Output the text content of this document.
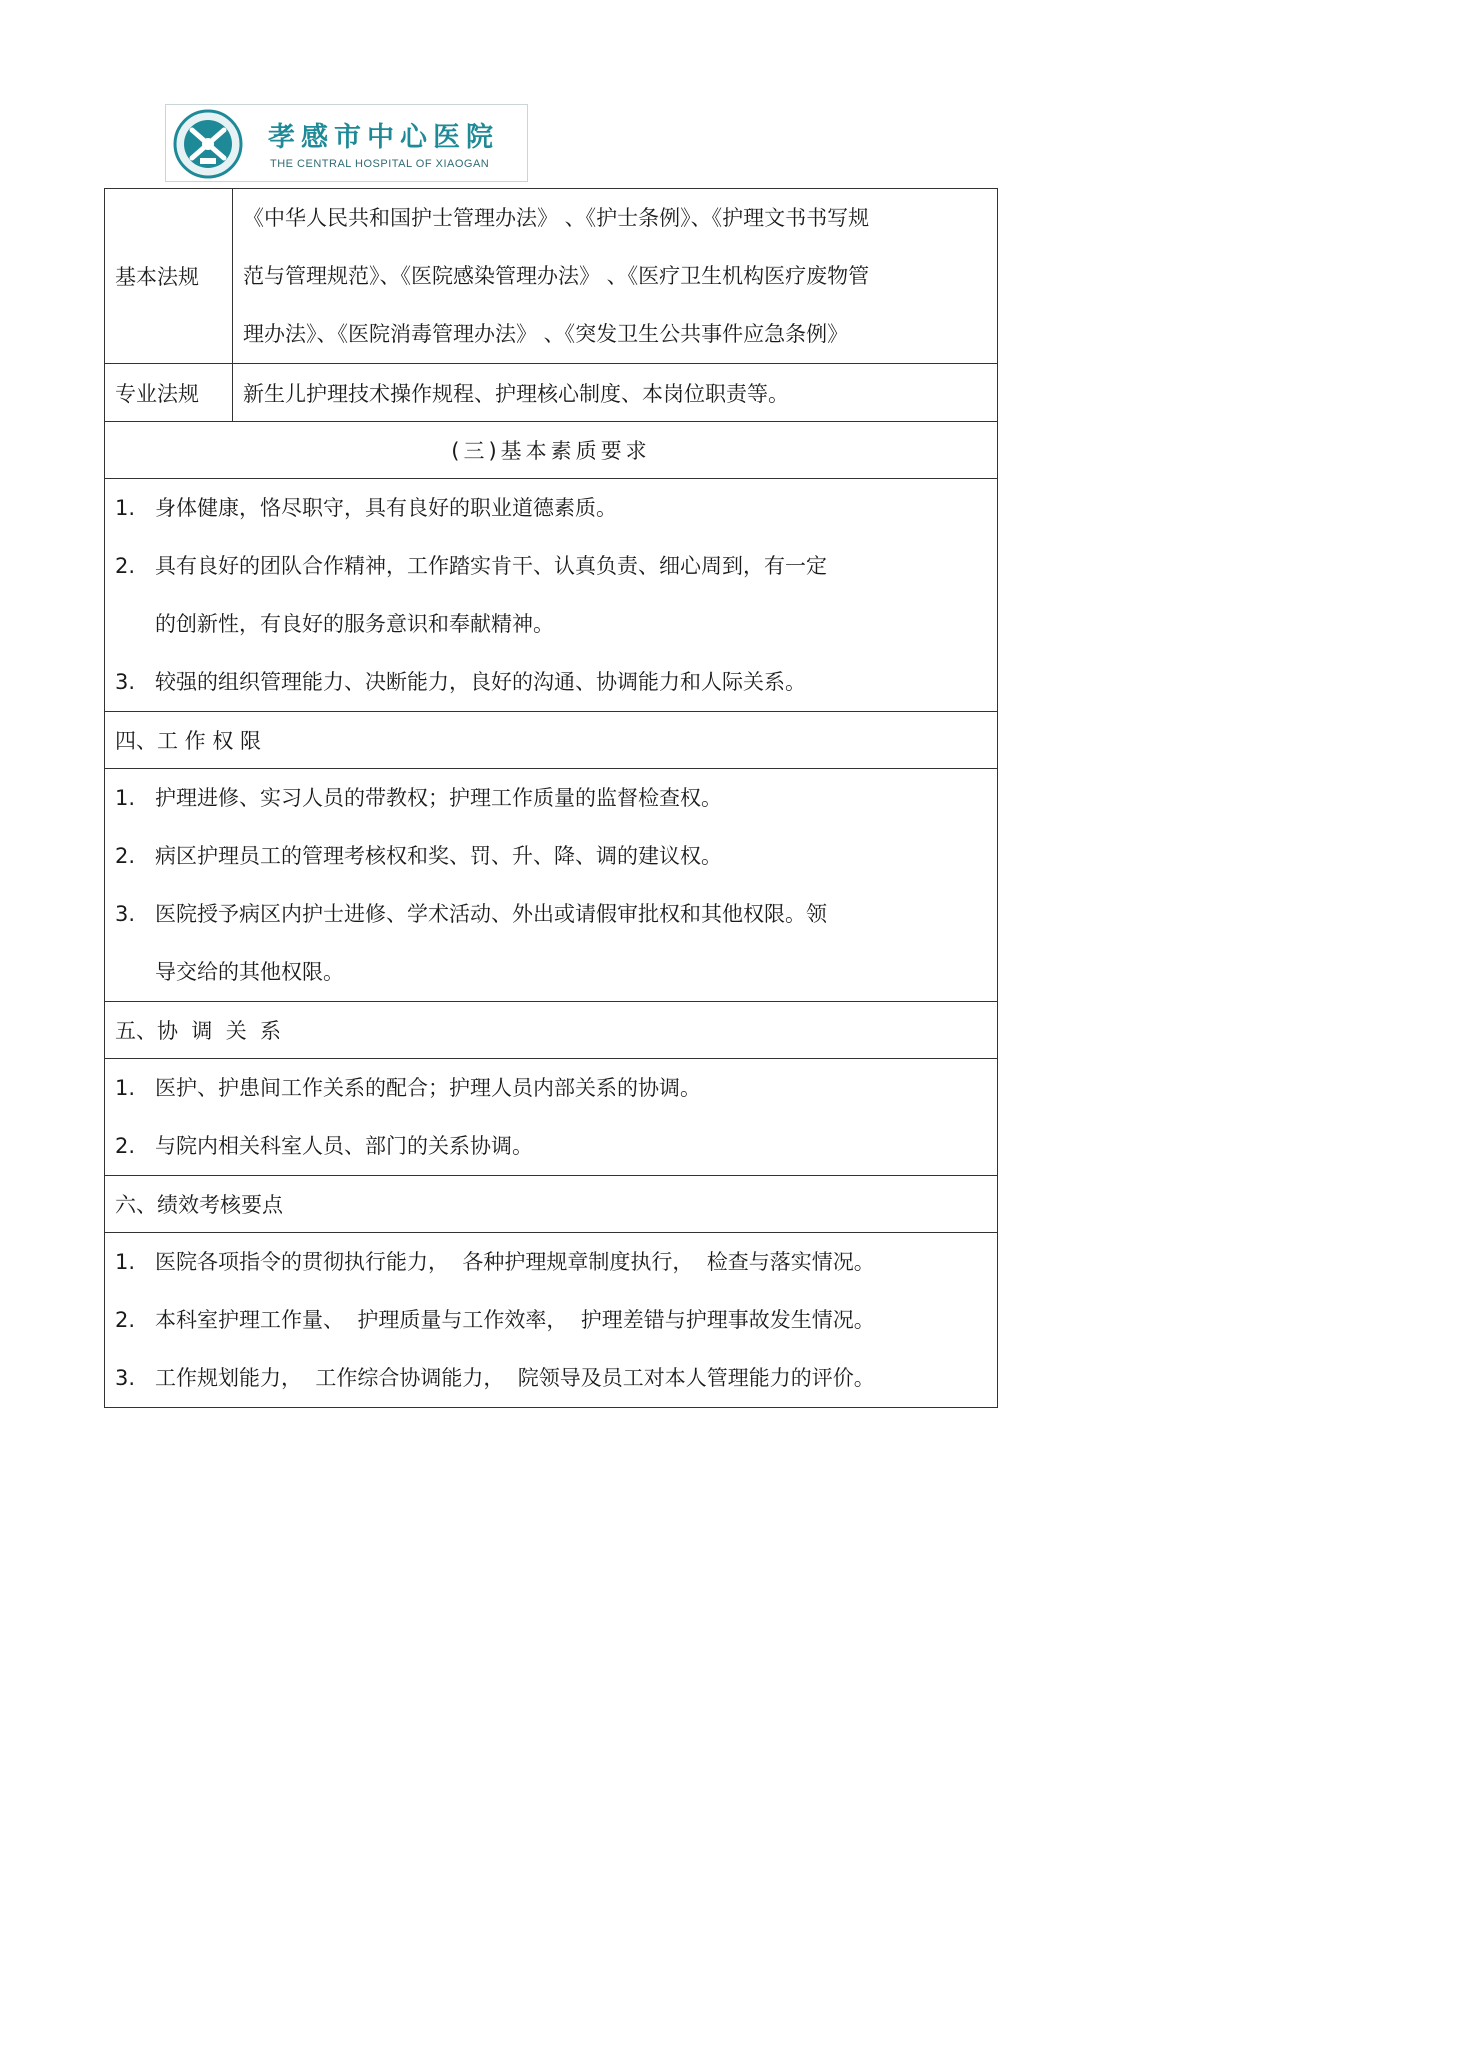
孝感市中心医院
THE CENTRAL HOSPITAL OF XIAOGAN
基本法规	《中华人民共和国护士管理办法》 、《护士条例》、《护理文书书写规
范与管理规范》、《医院感染管理办法》 、《医疗卫生机构医疗废物管
理办法》、《医院消毒管理办法》 、《突发卫生公共事件应急条例》
专业法规	新生儿护理技术操作规程、护理核心制度、本岗位职责等。
(三)基本素质要求	

1. 身体健康，恪尽职守，具有良好的职业道德素质。
2. 具有良好的团队合作精神，工作踏实肯干、认真负责、细心周到，有一定
的创新性，有良好的服务意识和奉献精神。
3. 较强的组织管理能力、决断能力，良好的沟通、协调能力和人际关系。	

四、工 作 权 限	

1. 护理进修、实习人员的带教权；护理工作质量的监督检查权。
2. 病区护理员工的管理考核权和奖、罚、升、降、调的建议权。
3. 医院授予病区内护士进修、学术活动、外出或请假审批权和其他权限。领
导交给的其他权限。	

五、协  调  关  系	

1. 医护、护患间工作关系的配合；护理人员内部关系的协调。
2. 与院内相关科室人员、部门的关系协调。	

六、绩效考核要点	

1. 医院各项指令的贯彻执行能力，  各种护理规章制度执行，  检查与落实情况。
2. 本科室护理工作量、  护理质量与工作效率，  护理差错与护理事故发生情况。
3. 工作规划能力，  工作综合协调能力，  院领导及员工对本人管理能力的评价。	
